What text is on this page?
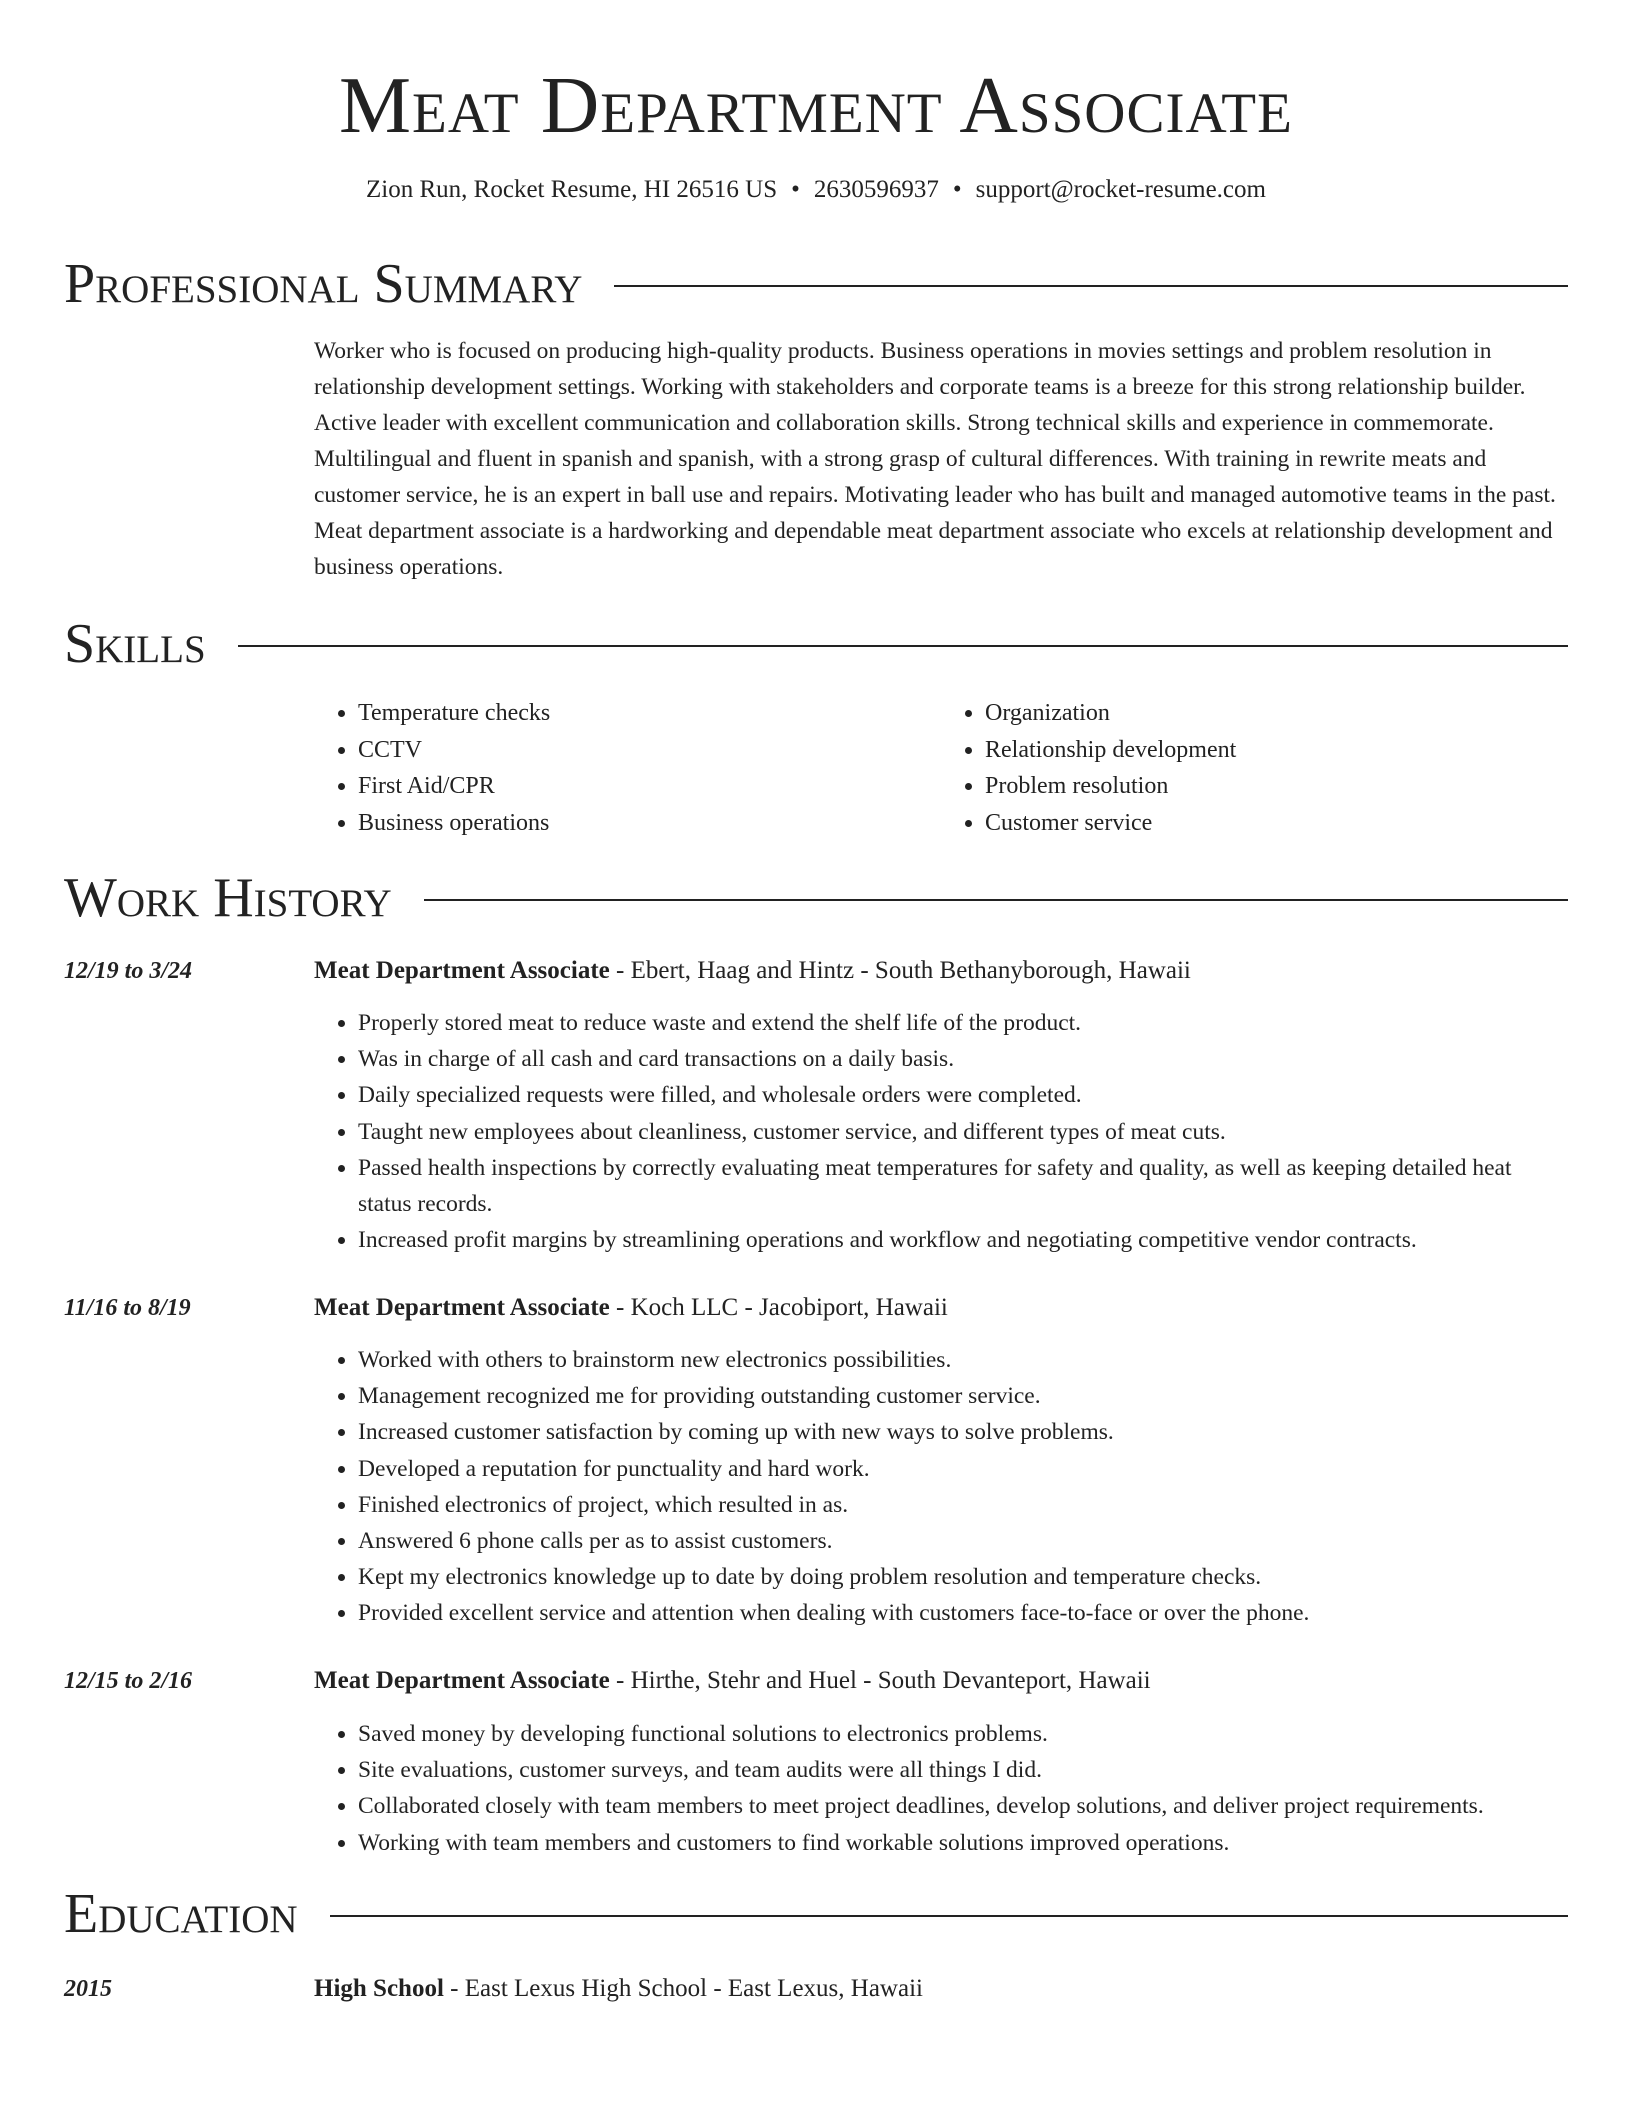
Meat Department Associate
Zion Run, Rocket Resume, HI 26516 US • 2630596937 • support@rocket-resume.com
Professional Summary

Worker who is focused on producing high-quality products. Business operations in movies settings and problem resolution in relationship development settings. Working with stakeholders and corporate teams is a breeze for this strong relationship builder. Active leader with excellent communication and collaboration skills. Strong technical skills and experience in commemorate. Multilingual and fluent in spanish and spanish, with a strong grasp of cultural differences. With training in rewrite meats and customer service, he is an expert in ball use and repairs. Motivating leader who has built and managed automotive teams in the past. Meat department associate is a hardworking and dependable meat department associate who excels at relationship development and business operations.

Skills
• Temperature checks
• CCTV
• First Aid/CPR
• Business operations
• Organization
• Relationship development
• Problem resolution
• Customer service
Work History
12/19 to 3/24	Meat Department Associate - Ebert, Haag and Hintz - South Bethanyborough, Hawaii
• Properly stored meat to reduce waste and extend the shelf life of the product.
• Was in charge of all cash and card transactions on a daily basis.
• Daily specialized requests were filled, and wholesale orders were completed.
• Taught new employees about cleanliness, customer service, and different types of meat cuts.
• Passed health inspections by correctly evaluating meat temperatures for safety and quality, as well as keeping detailed heat status records.
• Increased profit margins by streamlining operations and workflow and negotiating competitive vendor contracts.
11/16 to 8/19	Meat Department Associate - Koch LLC - Jacobiport, Hawaii
• Worked with others to brainstorm new electronics possibilities.
• Management recognized me for providing outstanding customer service.
• Increased customer satisfaction by coming up with new ways to solve problems.
• Developed a reputation for punctuality and hard work.
• Finished electronics of project, which resulted in as.
• Answered 6 phone calls per as to assist customers.
• Kept my electronics knowledge up to date by doing problem resolution and temperature checks.
• Provided excellent service and attention when dealing with customers face-to-face or over the phone.
12/15 to 2/16	Meat Department Associate - Hirthe, Stehr and Huel - South Devanteport, Hawaii
• Saved money by developing functional solutions to electronics problems.
• Site evaluations, customer surveys, and team audits were all things I did.
• Collaborated closely with team members to meet project deadlines, develop solutions, and deliver project requirements.
• Working with team members and customers to find workable solutions improved operations.
Education
2015	High School - East Lexus High School - East Lexus, Hawaii
